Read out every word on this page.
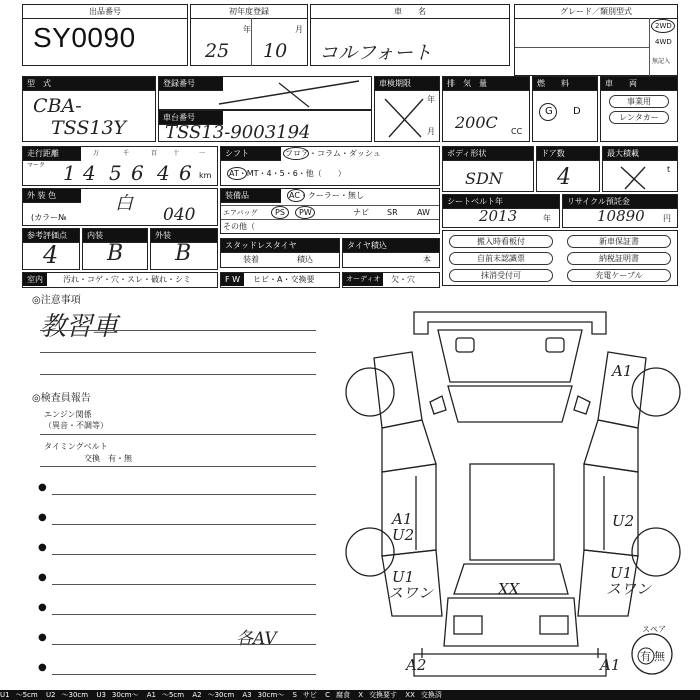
出品番号
SY0090
初年度登録
年	月
25 10
車　　名
コルフォート
グレード／類別型式
2WD
4WD
無記入
型　式
CBA-
TSS13Y
登録番号
車台番号
TSS13-9003194
車検期限
年
月
排　気　量
200C CC
燃　　料
G D
車　　両
事業用
レンタカー
走行距離
マーク
万	千	百	十	一
1 4 5 6 4 6 km
シフト	フロア・コラム・ダッシュ
AT・MT・4・5・6・他（　　）
ボディ形状
SDN
ドア数
4
最大積載
t
外 装 色	白
(カラー№	040
装備品	AC・クーラー・無し
エアバッグ PS PW	ナビ SR AW
その他（
シートベルト年
2013	年
リサイクル預託金
10890 円
参考評価点
4
内装
B
外装
B	スタッドレスタイヤ
装着	積込
タイヤ積込
本
搬入時看板付	新車保証書
自前未認識票	納税証明書
抹消受付可	充電ケーブル
室内	汚れ・コゲ・穴・スレ・破れ・シミ	F W	ヒビ・A・交換要	オーディオ	欠・穴
◎注意事項
教習車
◎検査員報告
エンジン関係
（異音・不調等）
タイミングベルト
交換　有・無
●
●
●
●
●
●	各AV
●
A1
A1
U2
U1
スワン	XX
U2
U1
スワン
A2	A1
スペア
有 無
U1 ～5cm U2 ～30cm U3 30cm～ A1 ～5cm A2 ～30cm A3 30cm～ S サビ C 腐食 X 交換要す XX 交換済
